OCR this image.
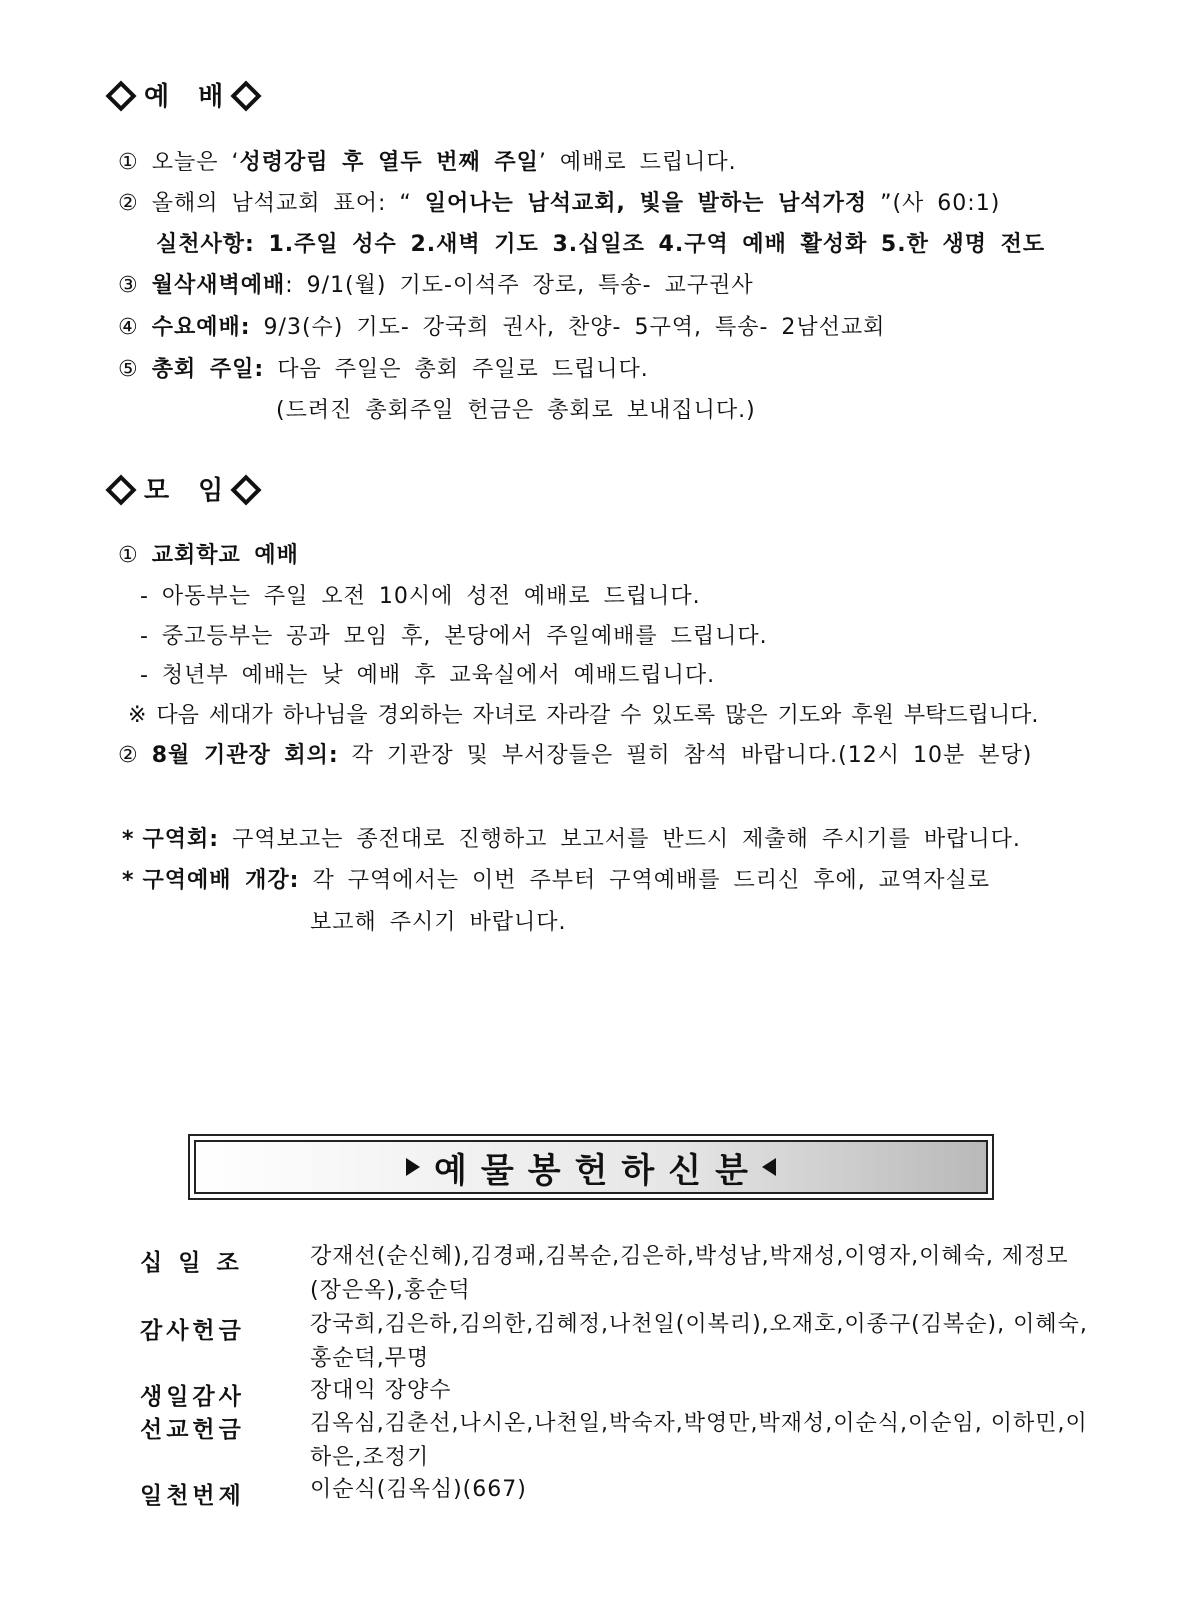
예 배
① 오늘은 ‘성령강림 후 열두 번째 주일’ 예배로 드립니다.
② 올해의 남석교회 표어: “ 일어나는 남석교회, 빛을 발하는 남석가정 ”(사 60:1)
실천사항: 1.주일 성수 2.새벽 기도 3.십일조 4.구역 예배 활성화 5.한 생명 전도
③ 월삭새벽예배: 9/1(월) 기도-이석주 장로, 특송- 교구권사
④ 수요예배: 9/3(수) 기도- 강국희 권사, 찬양- 5구역, 특송- 2남선교회
⑤ 총회 주일: 다음 주일은 총회 주일로 드립니다.
(드려진 총회주일 헌금은 총회로 보내집니다.)
모 임
① 교회학교 예배
- 아동부는 주일 오전 10시에 성전 예배로 드립니다.
- 중고등부는 공과 모임 후, 본당에서 주일예배를 드립니다.
- 청년부 예배는 낮 예배 후 교육실에서 예배드립니다.
※ 다음 세대가 하나님을 경외하는 자녀로 자라갈 수 있도록 많은 기도와 후원 부탁드립니다.
② 8월 기관장 회의: 각 기관장 및 부서장들은 필히 참석 바랍니다.(12시 10분 본당)
* 구역회: 구역보고는 종전대로 진행하고 보고서를 반드시 제출해 주시기를 바랍니다.
* 구역예배 개강: 각 구역에서는 이번 주부터 구역예배를 드리신 후에, 교역자실로
보고해 주시기 바랍니다.
예물봉헌하신분
십 일 조	강재선(순신혜),김경패,김복순,김은하,박성남,박재성,이영자,이혜숙, 제정모(장은옥),홍순덕
감사헌금	강국희,김은하,김의한,김혜정,나천일(이복리),오재호,이종구(김복순), 이혜숙,홍순덕,무명
생일감사	장대익 장양수
선교헌금	김옥심,김춘선,나시온,나천일,박숙자,박영만,박재성,이순식,이순임, 이하민,이하은,조정기
일천번제	이순식(김옥심)(667)
